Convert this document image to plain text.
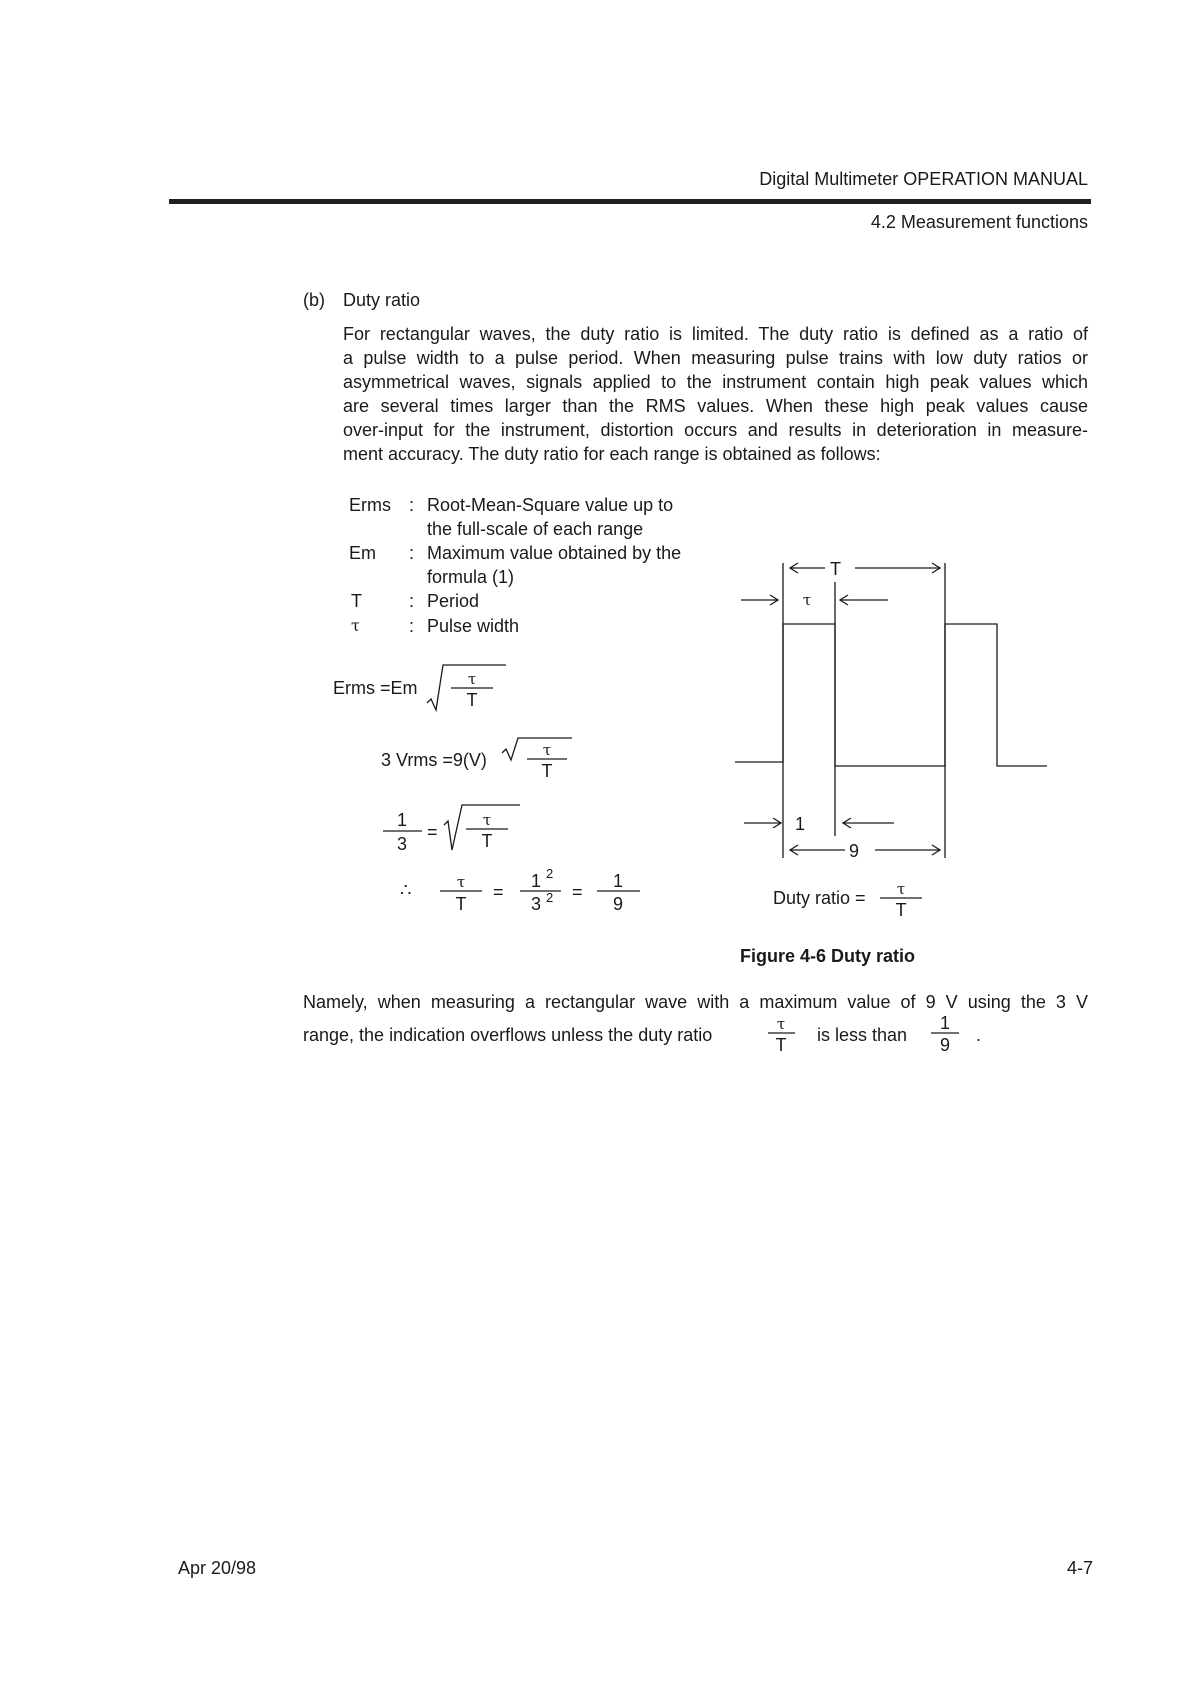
Digital Multimeter OPERATION MANUAL
4.2 Measurement functions
(b) Duty ratio
For rectangular waves, the duty ratio is limited. The duty ratio is defined as a ratio of
a pulse width to a pulse period. When measuring pulse trains with low duty ratios or
asymmetrical waves, signals applied to the instrument contain high peak values which
are several times larger than the RMS values. When these high peak values cause
over-input for the instrument, distortion occurs and results in deterioration in measure-
ment accuracy. The duty ratio for each range is obtained as follows:
Erms : Root-Mean-Square value up to
the full-scale of each range
Em : Maximum value obtained by the
formula (1)
T	: Period
τ	: Pulse width
Erms =Em	τ
T
3 Vrms =9(V)	τ
T
1
3
=
τ
T
∴	τ
T
=
1 2
3 2 =
1
9
T
τ
1
9
Duty ratio = τ
T
τ
T
1
9
Figure 4-6 Duty ratio
Namely, when measuring a rectangular wave with a maximum value of 9 V using the 3 V
range, the indication overflows unless the duty ratio	is less than	.
Apr 20/98	4-7
